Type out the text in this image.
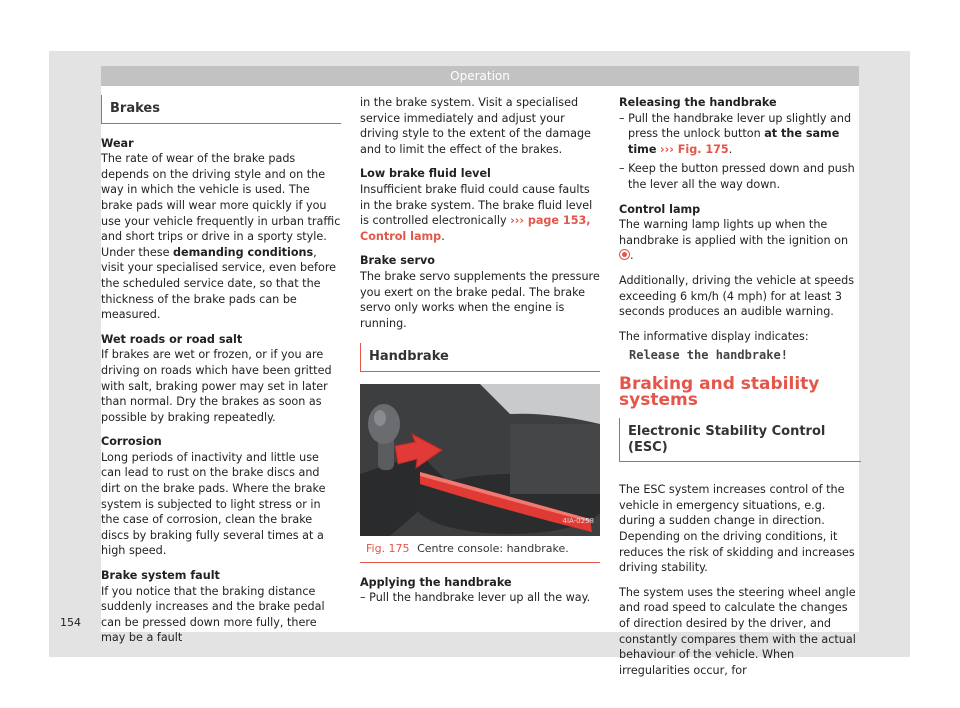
Operation
Brakes

Wear
The rate of wear of the brake pads depends on the driving style and on the way in which the vehicle is used. The brake pads will wear more quickly if you use your vehicle frequently in urban traffic and short trips or drive in a sporty style. Under these demanding conditions, visit your specialised service, even before the scheduled service date, so that the thickness of the brake pads can be measured.

Wet roads or road salt
If brakes are wet or frozen, or if you are driving on roads which have been gritted with salt, braking power may set in later than normal. Dry the brakes as soon as possible by braking repeatedly.

Corrosion
Long periods of inactivity and little use can lead to rust on the brake discs and dirt on the brake pads. Where the brake system is subjected to light stress or in the case of corrosion, clean the brake discs by braking fully several times at a high speed.

Brake system fault
If you notice that the braking distance suddenly increases and the brake pedal can be pressed down more fully, there may be a fault

in the brake system. Visit a specialised service immediately and adjust your driving style to the extent of the damage and to limit the effect of the brakes.

Low brake fluid level
Insufficient brake fluid could cause faults in the brake system. The brake fluid level is controlled electronically ››› page 153, Control lamp.

Brake servo
The brake servo supplements the pressure you exert on the brake pedal. The brake servo only works when the engine is running.

Handbrake
4IA-0258
Fig. 175 Centre console: handbrake.

Applying the handbrake
– Pull the handbrake lever up all the way.

Releasing the handbrake
– Pull the handbrake lever up slightly and press the unlock button at the same time ››› Fig. 175.
– Keep the button pressed down and push the lever all the way down.

Control lamp
The warning lamp lights up when the handbrake is applied with the ignition on .

Additionally, driving the vehicle at speeds exceeding 6 km/h (4 mph) for at least 3 seconds produces an audible warning.

The informative display indicates:

Release the handbrake!
Braking and stability systems
Electronic Stability Control (ESC)

The ESC system increases control of the vehicle in emergency situations, e.g. during a sudden change in direction. Depending on the driving conditions, it reduces the risk of skidding and increases driving stability.

The system uses the steering wheel angle and road speed to calculate the changes of direction desired by the driver, and constantly compares them with the actual behaviour of the vehicle. When irregularities occur, for

154
